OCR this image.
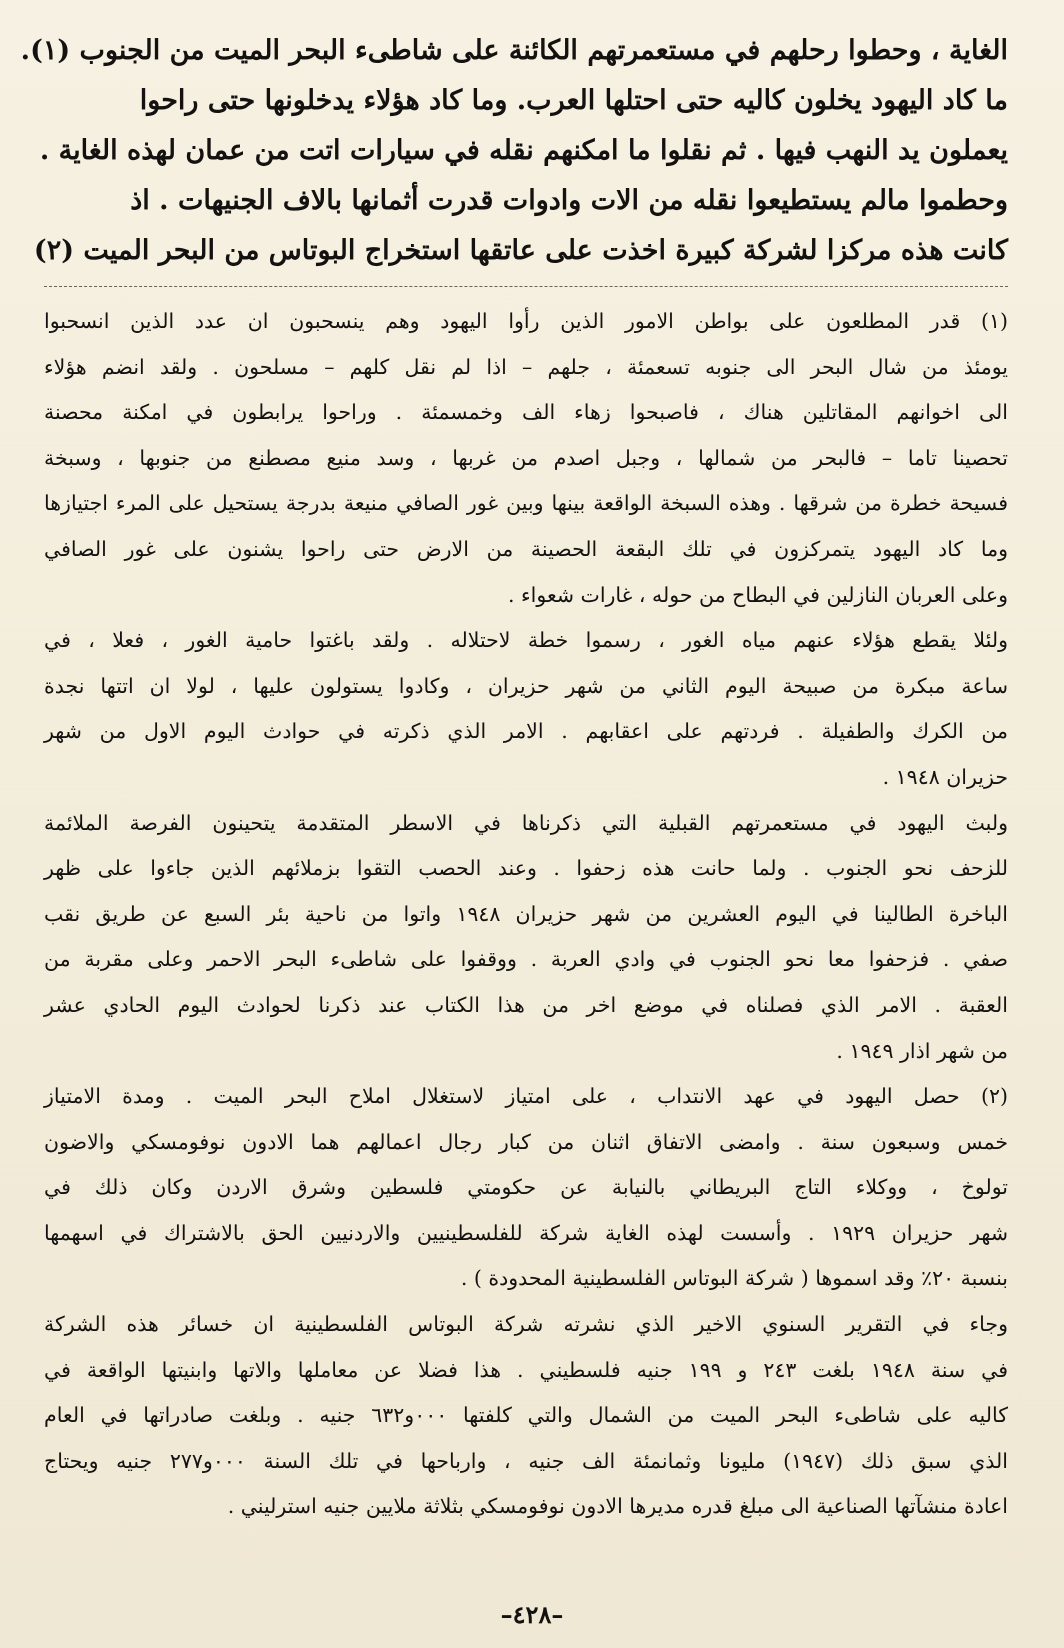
الغاية ، وحطوا رحلهم في مستعمرتهم الكائنة على شاطىء البحر الميت من الجنوب (١).
ما كاد اليهود يخلون كاليه حتى احتلها العرب. وما كاد هؤلاء يدخلونها حتى راحوا
يعملون يد النهب فيها . ثم نقلوا ما امكنهم نقله في سيارات اتت من عمان لهذه الغاية .
وحطموا مالم يستطيعوا نقله من الات وادوات قدرت أثمانها بالاف الجنيهات . اذ
كانت هذه مركزا لشركة كبيرة اخذت على عاتقها استخراج البوتاس من البحر الميت (٢)
(١) قدر المطلعون على بواطن الامور الذين رأوا اليهود وهم ينسحبون ان عدد الذين انسحبوا
يومئذ من شال البحر الى جنوبه تسعمئة ، جلهم – اذا لم نقل كلهم – مسلحون . ولقد انضم هؤلاء
الى اخوانهم المقاتلين هناك ، فاصبحوا زهاء الف وخمسمئة . وراحوا يرابطون في امكنة محصنة
تحصينا تاما – فالبحر من شمالها ، وجبل اصدم من غربها ، وسد منيع مصطنع من جنوبها ، وسبخة
فسيحة خطرة من شرقها . وهذه السبخة الواقعة بينها وبين غور الصافي منيعة بدرجة يستحيل على المرء اجتيازها
وما كاد اليهود يتمركزون في تلك البقعة الحصينة من الارض حتى راحوا يشنون على غور الصافي
وعلى العربان النازلين في البطاح من حوله ، غارات شعواء .
ولئلا يقطع هؤلاء عنهم مياه الغور ، رسموا خطة لاحتلاله . ولقد باغتوا حامية الغور ، فعلا ، في
ساعة مبكرة من صبيحة اليوم الثاني من شهر حزيران ، وكادوا يستولون عليها ، لولا ان اتتها نجدة
من الكرك والطفيلة . فردتهم على اعقابهم . الامر الذي ذكرته في حوادث اليوم الاول من شهر
حزيران ١٩٤٨ .
ولبث اليهود في مستعمرتهم القبلية التي ذكرناها في الاسطر المتقدمة يتحينون الفرصة الملائمة
للزحف نحو الجنوب . ولما حانت هذه زحفوا . وعند الحصب التقوا بزملائهم الذين جاءوا على ظهر
الباخرة الطالينا في اليوم العشرين من شهر حزيران ١٩٤٨ واتوا من ناحية بئر السبع عن طريق نقب
صفي . فزحفوا معا نحو الجنوب في وادي العربة . ووقفوا على شاطىء البحر الاحمر وعلى مقربة من
العقبة . الامر الذي فصلناه في موضع اخر من هذا الكتاب عند ذكرنا لحوادث اليوم الحادي عشر
من شهر اذار ١٩٤٩ .
(٢) حصل اليهود في عهد الانتداب ، على امتياز لاستغلال املاح البحر الميت . ومدة الامتياز
خمس وسبعون سنة . وامضى الاتفاق اثنان من كبار رجال اعمالهم هما الادون نوفومسكي والاضون
تولوخ ، ووكلاء التاج البريطاني بالنيابة عن حكومتي فلسطين وشرق الاردن وكان ذلك في
شهر حزيران ١٩٢٩ . وأسست لهذه الغاية شركة للفلسطينيين والاردنيين الحق بالاشتراك في اسهمها
بنسبة ٢٠٪ وقد اسموها ( شركة البوتاس الفلسطينية المحدودة ) .
وجاء في التقرير السنوي الاخير الذي نشرته شركة البوتاس الفلسطينية ان خسائر هذه الشركة
في سنة ١٩٤٨ بلغت ٢٤٣ و ١٩٩ جنيه فلسطيني . هذا فضلا عن معاملها والاتها وابنيتها الواقعة في
كاليه على شاطىء البحر الميت من الشمال والتي كلفتها ٠٠٠و٦٣٢ جنيه . وبلغت صادراتها في العام
الذي سبق ذلك (١٩٤٧) مليونا وثمانمئة الف جنيه ، وارباحها في تلك السنة ٠٠٠و٢٧٧ جنيه ويحتاج
اعادة منشآتها الصناعية الى مبلغ قدره مديرها الادون نوفومسكي بثلاثة ملايين جنيه استرليني .
–٤٢٨–
